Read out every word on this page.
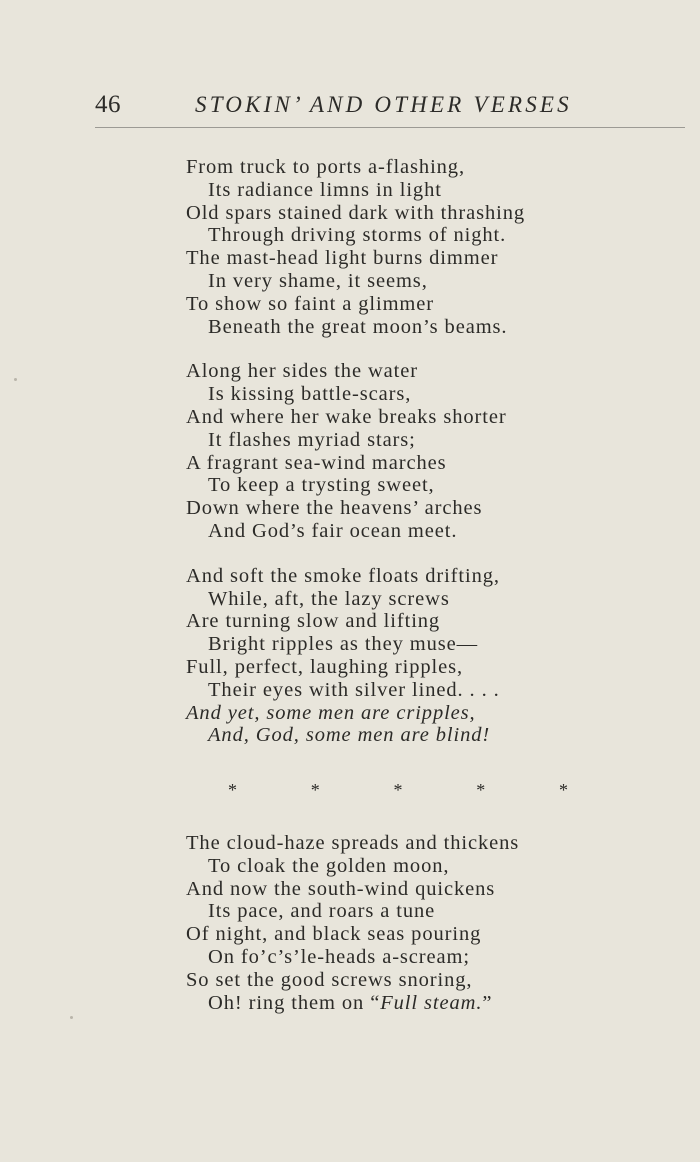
46	STOKIN’ AND OTHER VERSES
From truck to ports a-flashing,
Its radiance limns in light
Old spars stained dark with thrashing
Through driving storms of night.
The mast-head light burns dimmer
In very shame, it seems,
To show so faint a glimmer
Beneath the great moon’s beams.
Along her sides the water
Is kissing battle-scars,
And where her wake breaks shorter
It flashes myriad stars;
A fragrant sea-wind marches
To keep a trysting sweet,
Down where the heavens’ arches
And God’s fair ocean meet.
And soft the smoke floats drifting,
While, aft, the lazy screws
Are turning slow and lifting
Bright ripples as they muse—
Full, perfect, laughing ripples,
Their eyes with silver lined. . . .
And yet, some men are cripples,
And, God, some men are blind!
*	*	*	*	*
The cloud-haze spreads and thickens
To cloak the golden moon,
And now the south-wind quickens
Its pace, and roars a tune
Of night, and black seas pouring
On fo’c’s’le-heads a-scream;
So set the good screws snoring,
Oh! ring them on “Full steam.”
